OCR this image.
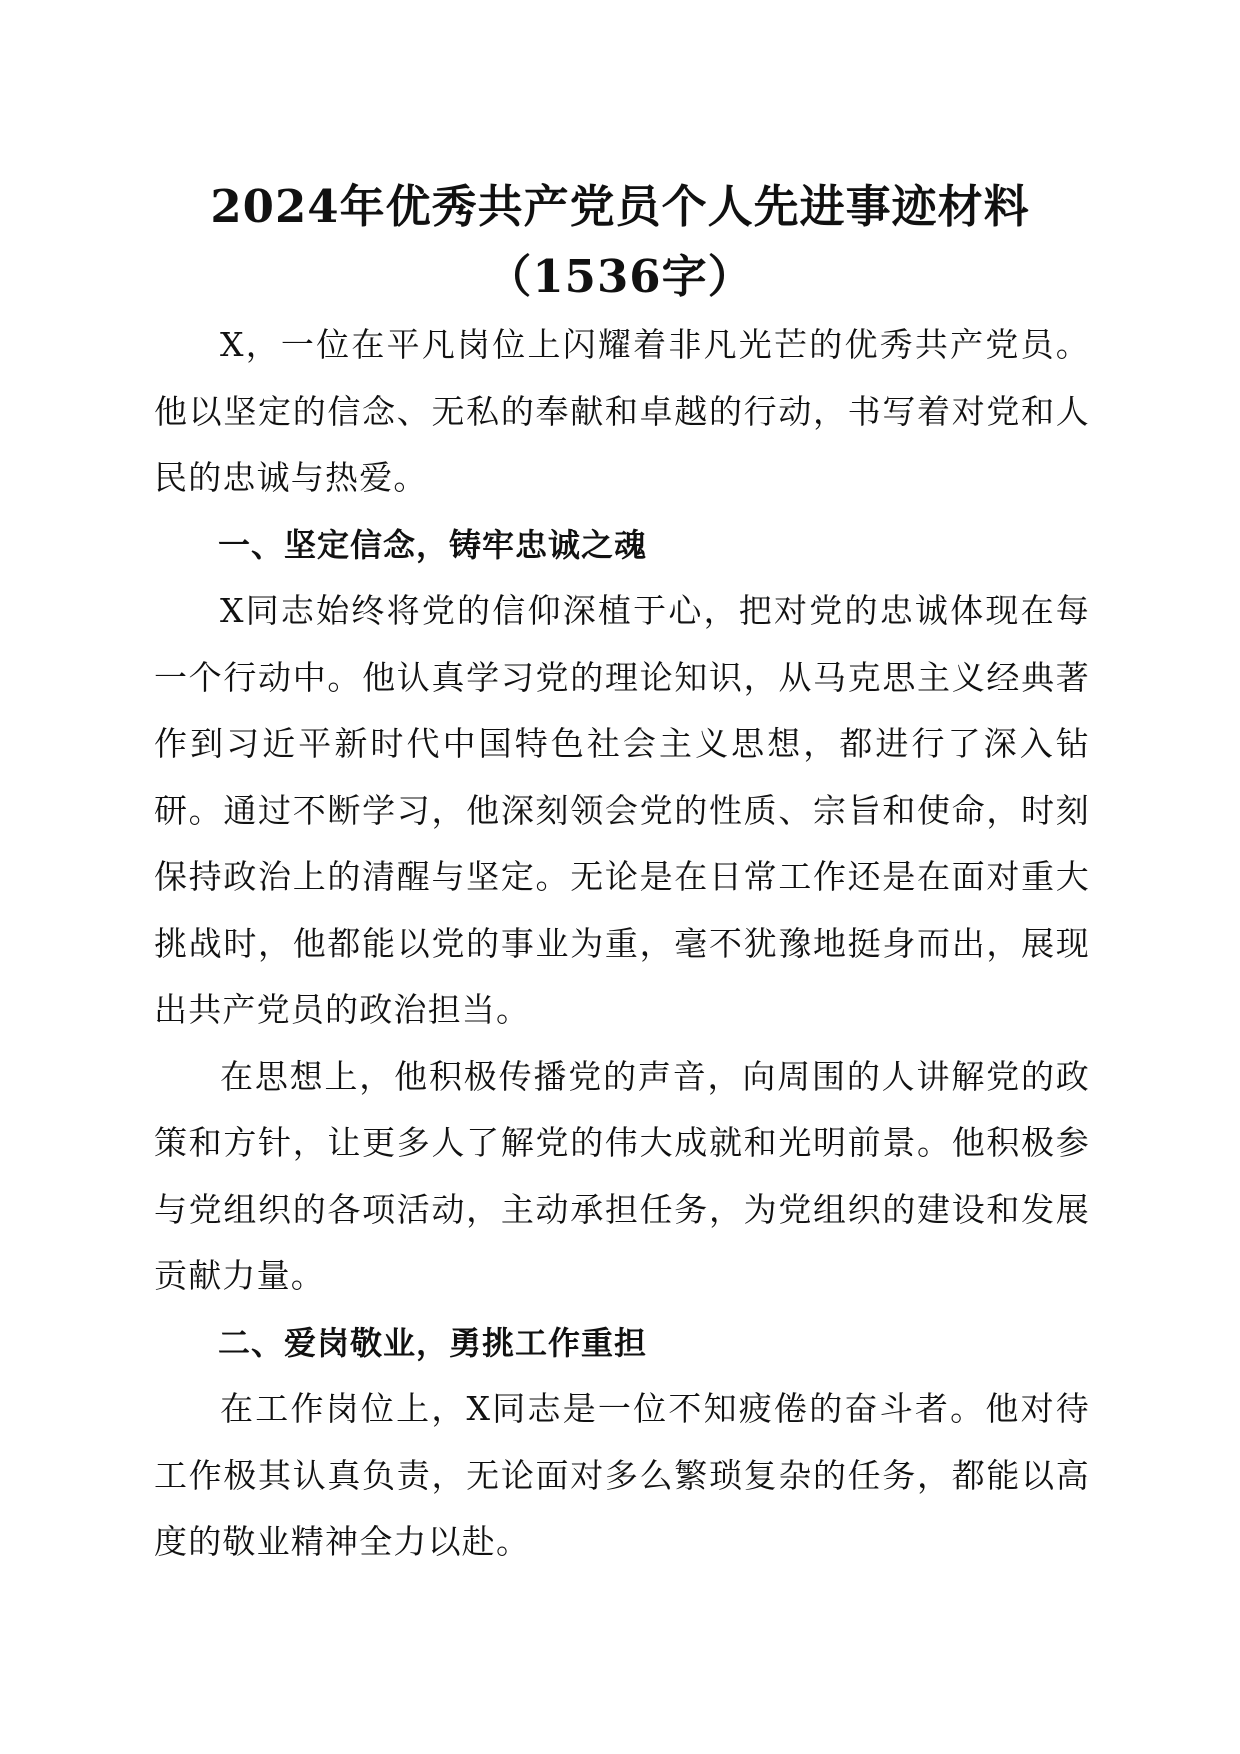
2024年优秀共产党员个人先进事迹材料
（1536字）

X，一位在平凡岗位上闪耀着非凡光芒的优秀共产党员。他以坚定的信念、无私的奉献和卓越的行动，书写着对党和人民的忠诚与热爱。

一、坚定信念，铸牢忠诚之魂

X同志始终将党的信仰深植于心，把对党的忠诚体现在每一个行动中。他认真学习党的理论知识，从马克思主义经典著作到习近平新时代中国特色社会主义思想，都进行了深入钻研。通过不断学习，他深刻领会党的性质、宗旨和使命，时刻保持政治上的清醒与坚定。无论是在日常工作还是在面对重大挑战时，他都能以党的事业为重，毫不犹豫地挺身而出，展现出共产党员的政治担当。

在思想上，他积极传播党的声音，向周围的人讲解党的政策和方针，让更多人了解党的伟大成就和光明前景。他积极参与党组织的各项活动，主动承担任务，为党组织的建设和发展贡献力量。

二、爱岗敬业，勇挑工作重担

在工作岗位上，X同志是一位不知疲倦的奋斗者。他对待工作极其认真负责，无论面对多么繁琐复杂的任务，都能以高度的敬业精神全力以赴。
